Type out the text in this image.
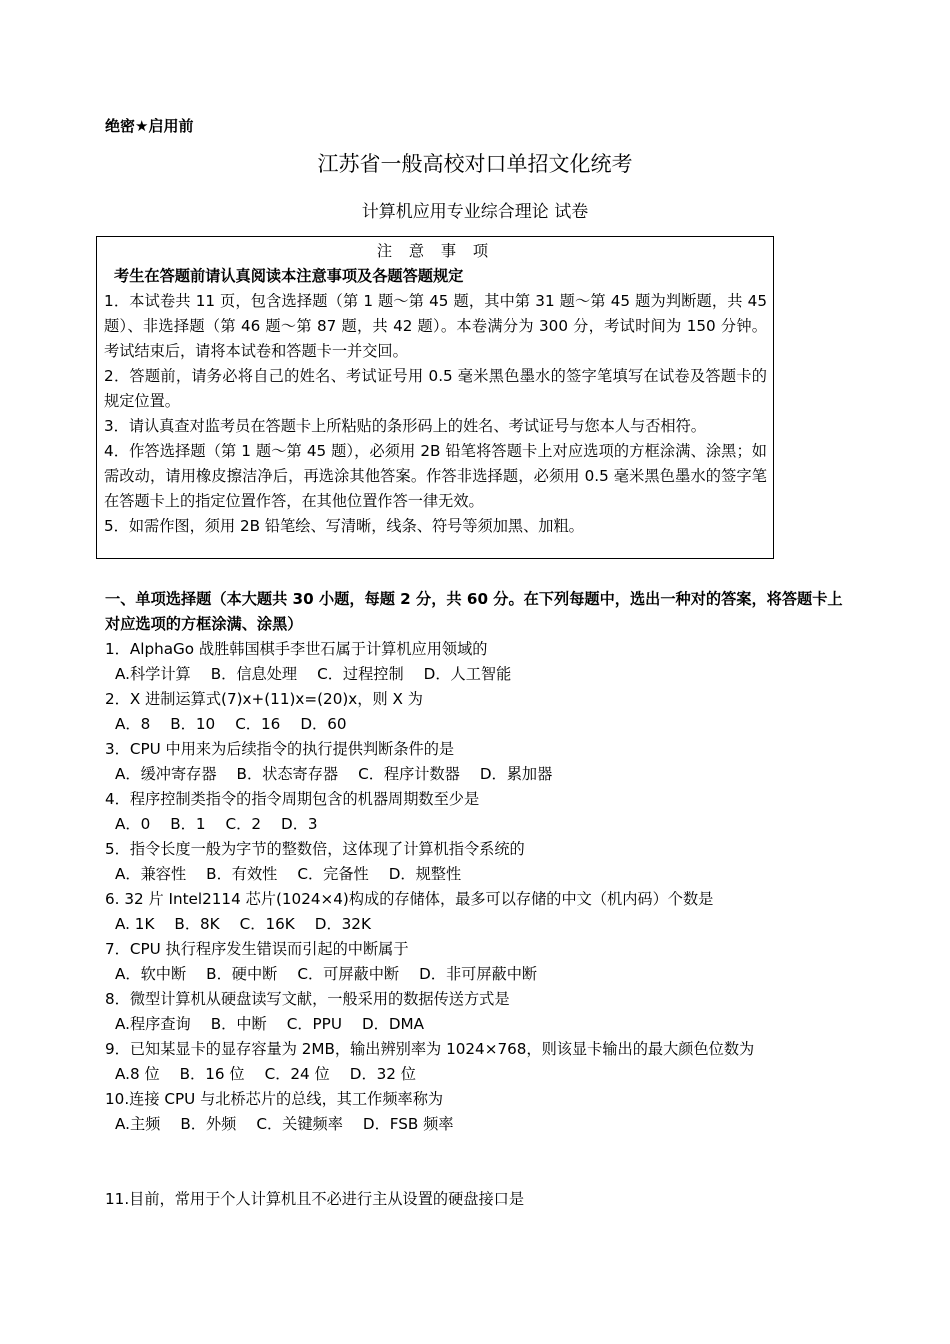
绝密★启用前
江苏省一般高校对口单招文化统考
计算机应用专业综合理论 试卷
注 意 事 项
考生在答题前请认真阅读本注意事项及各题答题规定
1．本试卷共 11 页，包含选择题（第 1 题～第 45 题，其中第 31 题～第 45 题为判断题，共 45 题）、非选择题（第 46 题～第 87 题，共 42 题）。本卷满分为 300 分，考试时间为 150 分钟。考试结束后，请将本试卷和答题卡一并交回。
2．答题前，请务必将自己的姓名、考试证号用 0.5 毫米黑色墨水的签字笔填写在试卷及答题卡的规定位置。
3．请认真查对监考员在答题卡上所粘贴的条形码上的姓名、考试证号与您本人与否相符。
4．作答选择题（第 1 题～第 45 题），必须用 2B 铅笔将答题卡上对应选项的方框涂满、涂黑；如需改动，请用橡皮擦洁净后，再选涂其他答案。作答非选择题，必须用 0.5 毫米黑色墨水的签字笔在答题卡上的指定位置作答，在其他位置作答一律无效。
5．如需作图，须用 2B 铅笔绘、写清晰，线条、符号等须加黑、加粗。
一、单项选择题（本大题共 30 小题，每题 2 分，共 60 分。在下列每题中，选出一种对的答案，将答题卡上对应选项的方框涂满、涂黑）
1．AlphaGo 战胜韩国棋手李世石属于计算机应用领域的
A.科学计算　 B．信息处理　 C．过程控制　 D．人工智能
2．X 进制运算式(7)x+(11)x=(20)x，则 X 为
A．8　 B．10　 C．16　 D．60
3．CPU 中用来为后续指令的执行提供判断条件的是
A．缓冲寄存器　 B．状态寄存器　 C．程序计数器　 D．累加器
4．程序控制类指令的指令周期包含的机器周期数至少是
A．0　 B．1　 C．2　 D．3
5．指令长度一般为字节的整数倍，这体现了计算机指令系统的
A．兼容性　 B．有效性　 C．完备性　 D．规整性
6. 32 片 Intel2114 芯片(1024×4)构成的存储体，最多可以存储的中文（机内码）个数是
A. 1K　 B．8K　 C．16K　 D．32K
7．CPU 执行程序发生错误而引起的中断属于
A．软中断　 B．硬中断　 C．可屏蔽中断　 D．非可屏蔽中断
8．微型计算机从硬盘读写文献，一般采用的数据传送方式是
A.程序查询　 B．中断　 C．PPU　 D．DMA
9．已知某显卡的显存容量为 2MB，输出辨别率为 1024×768，则该显卡输出的最大颜色位数为
A.8 位　 B．16 位　 C．24 位　 D．32 位
10.连接 CPU 与北桥芯片的总线，其工作频率称为
A.主频　 B．外频　 C．关键频率　 D．FSB 频率
11.目前，常用于个人计算机且不必进行主从设置的硬盘接口是
